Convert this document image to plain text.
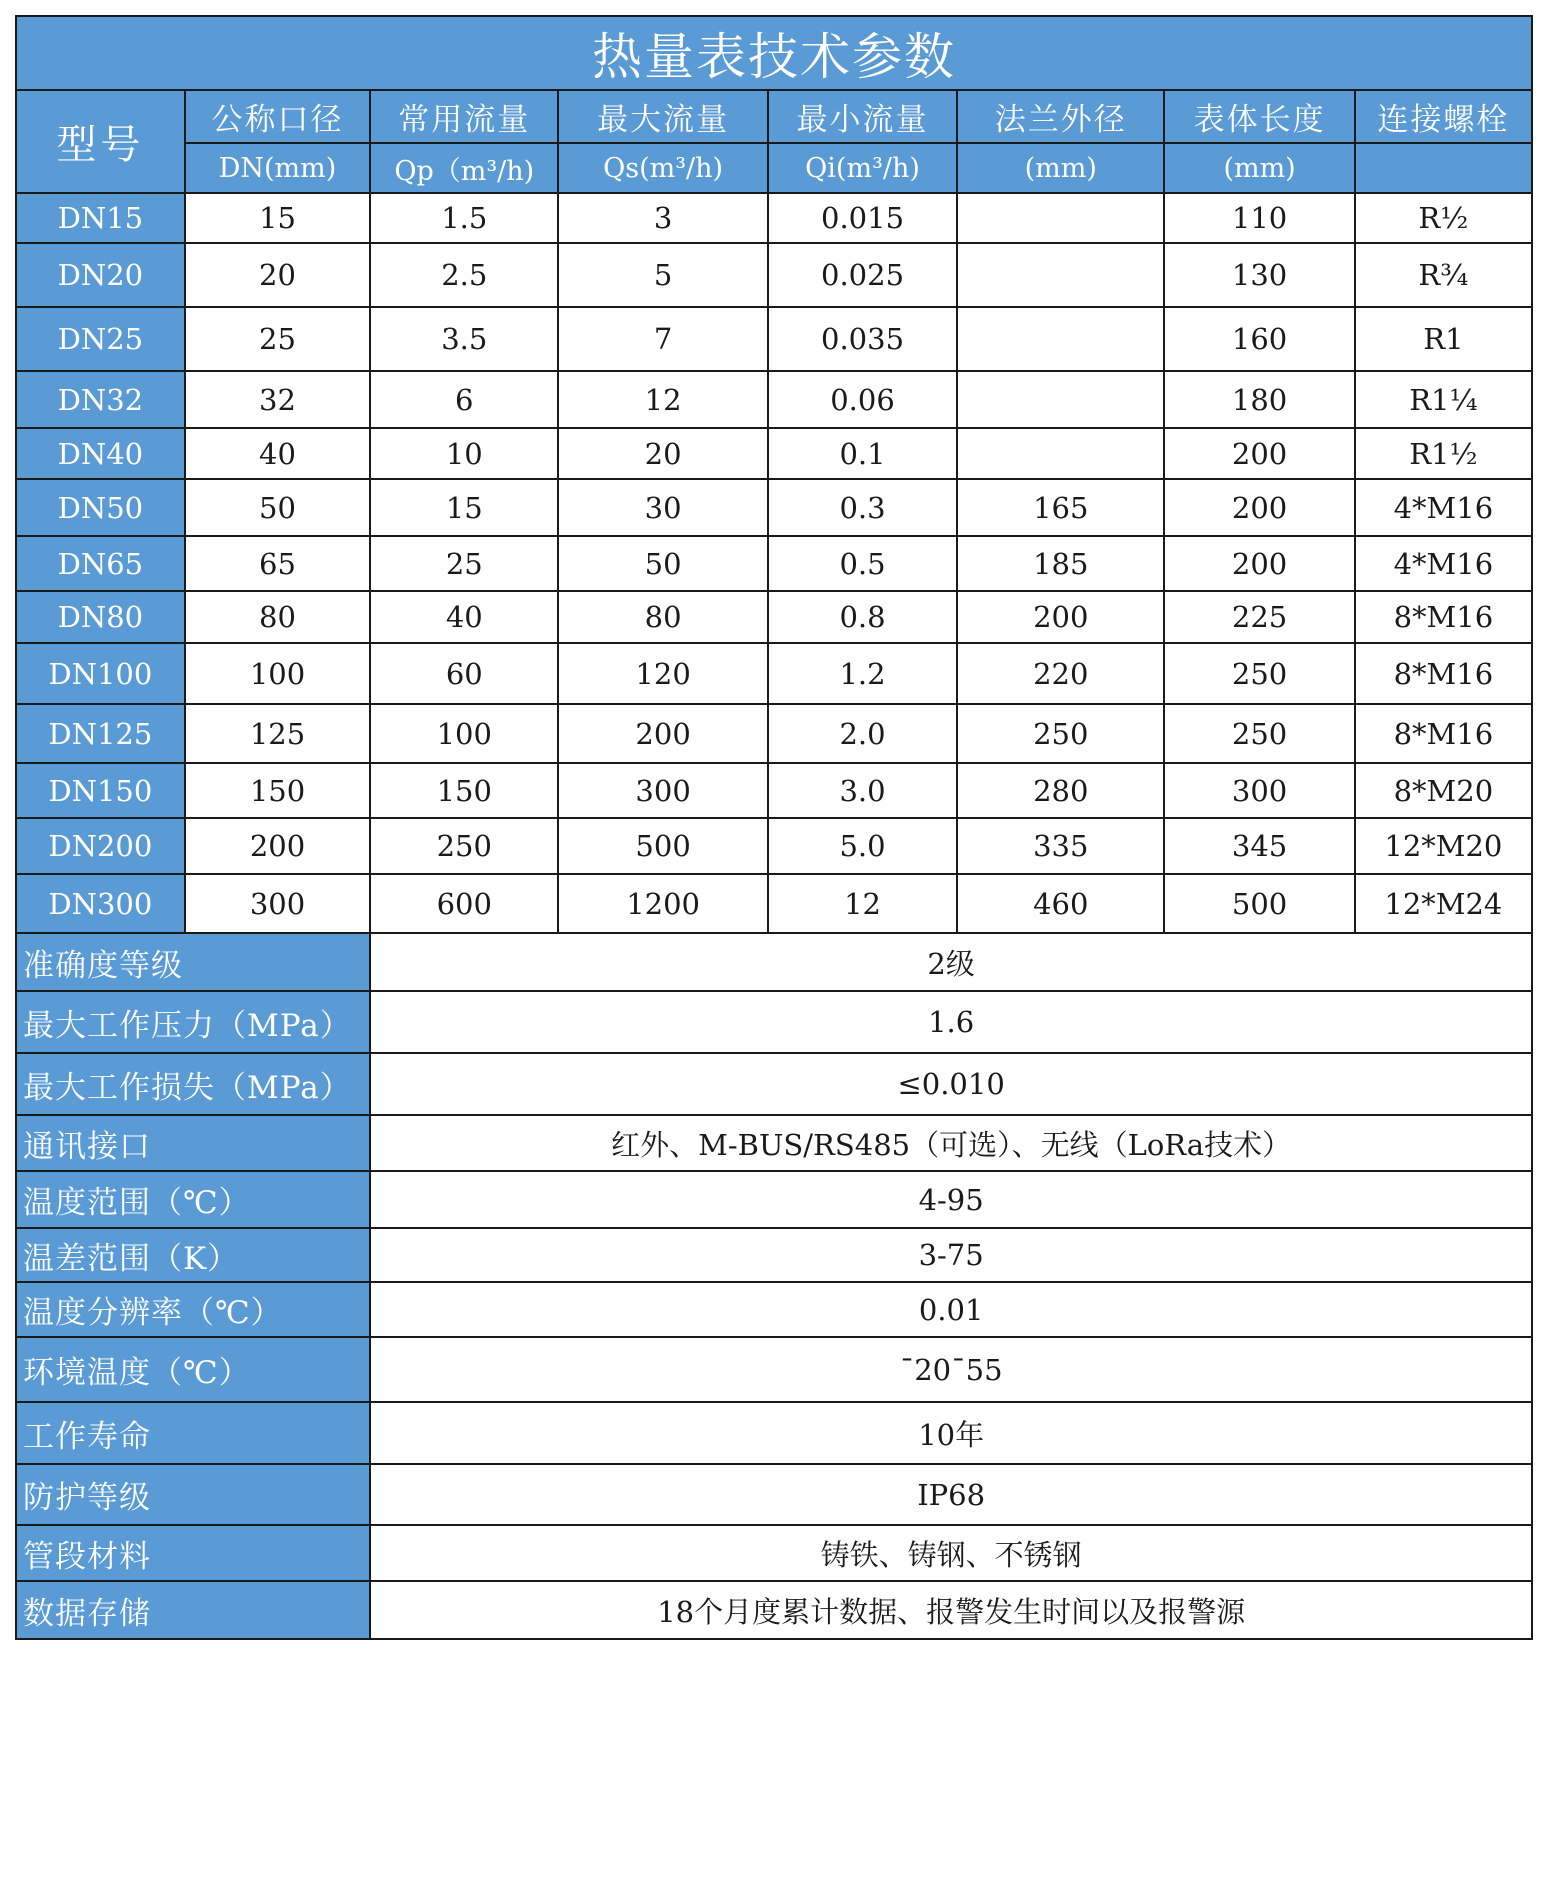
热量表技术参数							
型号	公称口径	常用流量	最大流量	最小流量	法兰外径	表体长度	连接螺栓
	DN(mm)	Qp（m³/h)	Qs(m³/h)	Qi(m³/h)	(mm)	(mm)	
DN15	15	1.5	3	0.015		110	R½
DN20	20	2.5	5	0.025		130	R¾
DN25	25	3.5	7	0.035		160	R1
DN32	32	6	12	0.06		180	R1¼
DN40	40	10	20	0.1		200	R1½
DN50	50	15	30	0.3	165	200	4*M16
DN65	65	25	50	0.5	185	200	4*M16
DN80	80	40	80	0.8	200	225	8*M16
DN100	100	60	120	1.2	220	250	8*M16
DN125	125	100	200	2.0	250	250	8*M16
DN150	150	150	300	3.0	280	300	8*M20
DN200	200	250	500	5.0	335	345	12*M20
DN300	300	600	1200	12	460	500	12*M24
准确度等级		2级					
最大工作压力（MPa）		1.6					
最大工作损失（MPa）		≤0.010					
通讯接口		红外、M-BUS/RS485（可选）、无线（LoRa技术）					
温度范围（℃）		4-95					
温差范围（K）		3-75					
温度分辨率（℃）		0.01					
环境温度（℃）		¯20¯55					
工作寿命		10年					
防护等级		IP68					
管段材料		铸铁、铸钢、不锈钢					
数据存储		18个月度累计数据、报警发生时间以及报警源					
